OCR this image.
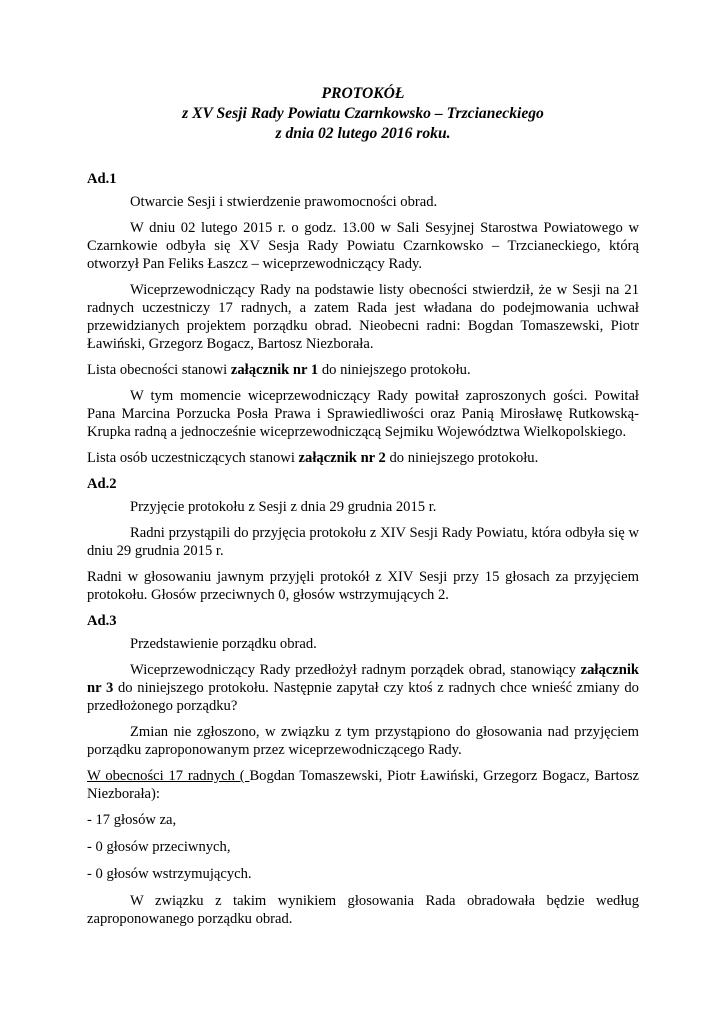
PROTOKÓŁ
z XV Sesji Rady Powiatu Czarnkowsko – Trzcianeckiego
z dnia 02 lutego 2016 roku.
Ad.1

Otwarcie Sesji i stwierdzenie prawomocności obrad.

W dniu 02 lutego 2015 r. o godz. 13.00 w Sali Sesyjnej Starostwa Powiatowego w Czarnkowie odbyła się XV Sesja Rady Powiatu Czarnkowsko – Trzcianeckiego, którą otworzył Pan Feliks Łaszcz – wiceprzewodniczący Rady.

Wiceprzewodniczący Rady na podstawie listy obecności stwierdził, że w Sesji na 21 radnych uczestniczy 17 radnych, a zatem Rada jest władana do podejmowania uchwał przewidzianych projektem porządku obrad. Nieobecni radni: Bogdan Tomaszewski, Piotr Ławiński, Grzegorz Bogacz, Bartosz Niezborała.

Lista obecności stanowi załącznik nr 1 do niniejszego protokołu.

W tym momencie wiceprzewodniczący Rady powitał zaproszonych gości. Powitał Pana Marcina Porzucka Posła Prawa i Sprawiedliwości oraz Panią Mirosławę Rutkowską-Krupka radną a jednocześnie wiceprzewodniczącą Sejmiku Województwa Wielkopolskiego.

Lista osób uczestniczących stanowi załącznik nr 2 do niniejszego protokołu.

Ad.2

Przyjęcie protokołu z Sesji z dnia 29 grudnia 2015 r.

Radni przystąpili do przyjęcia protokołu z XIV Sesji Rady Powiatu, która odbyła się w dniu 29 grudnia 2015 r.

Radni w głosowaniu jawnym przyjęli protokół z XIV Sesji przy 15 głosach za przyjęciem protokołu. Głosów przeciwnych 0, głosów wstrzymujących 2.

Ad.3

Przedstawienie porządku obrad.

Wiceprzewodniczący Rady przedłożył radnym porządek obrad, stanowiący załącznik nr 3 do niniejszego protokołu. Następnie zapytał czy ktoś z radnych chce wnieść zmiany do przedłożonego porządku?

Zmian nie zgłoszono, w związku z tym przystąpiono do głosowania nad przyjęciem porządku zaproponowanym przez wiceprzewodniczącego Rady.

W obecności 17 radnych ( Bogdan Tomaszewski, Piotr Ławiński, Grzegorz Bogacz, Bartosz Niezborała):

- 17 głosów za,

- 0 głosów przeciwnych,

- 0 głosów wstrzymujących.

W związku z takim wynikiem głosowania Rada obradowała będzie według zaproponowanego porządku obrad.
